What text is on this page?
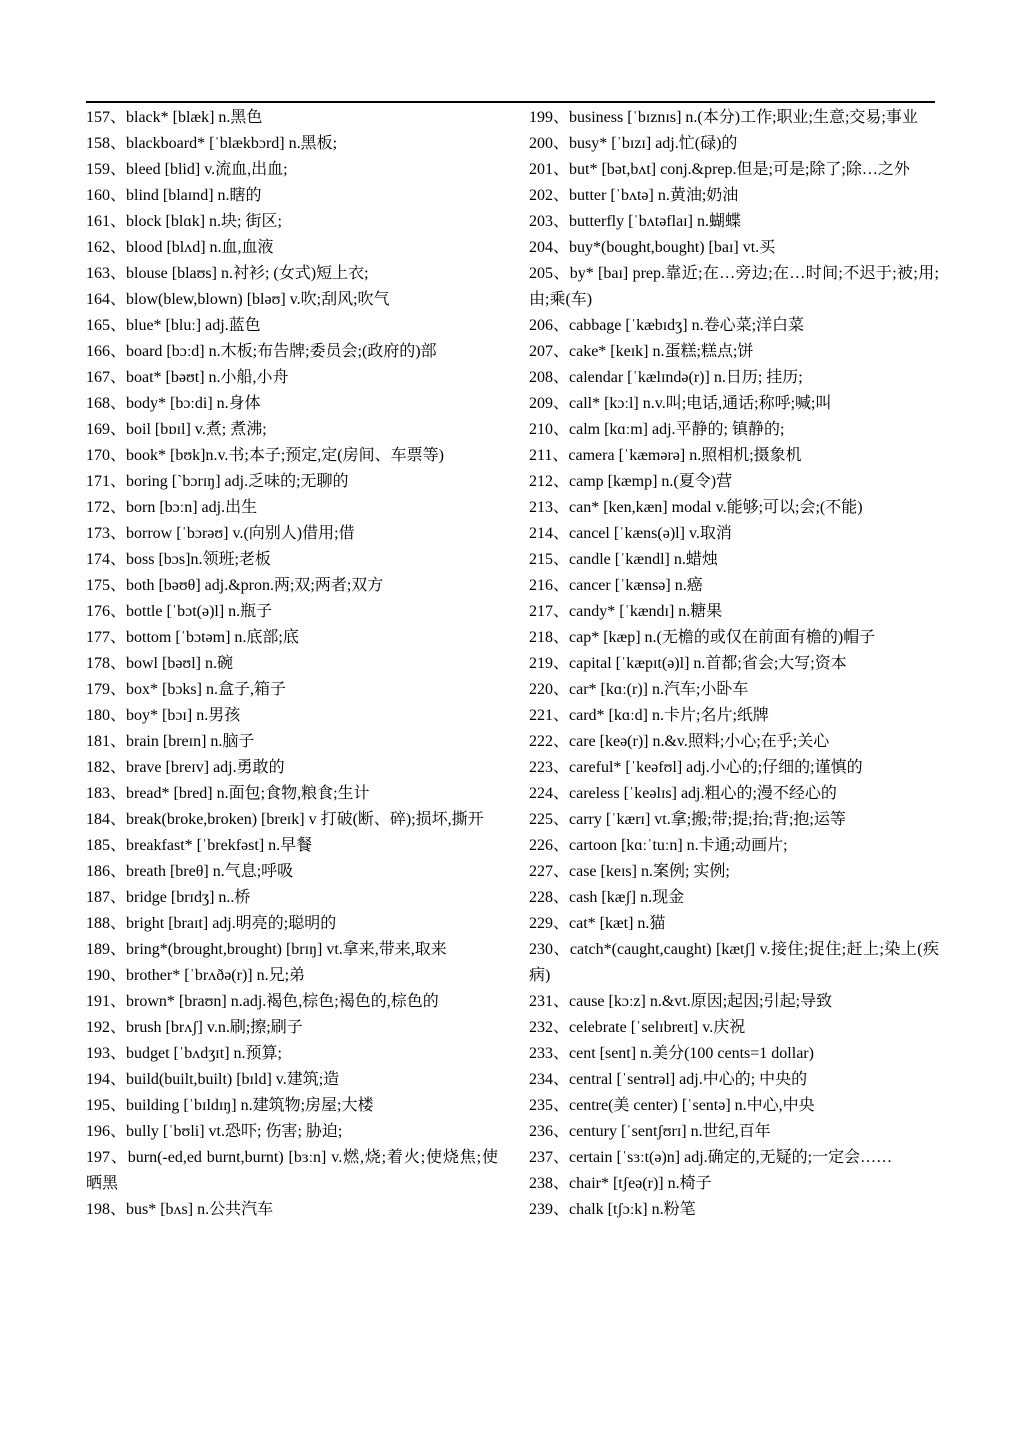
157、black* [blæk] n.黑色
158、blackboard* [ˈblækbɔrd] n.黑板;
159、bleed [blid] v.流血,出血;
160、blind [blaɪnd] n.瞎的
161、block [blɑk] n.块; 街区;
162、blood [blʌd] n.血,血液
163、blouse [blaʊs] n.衬衫; (女式)短上衣;
164、blow(blew,blown) [bləʊ] v.吹;刮风;吹气
165、blue* [bluː] adj.蓝色
166、board [bɔːd] n.木板;布告牌;委员会;(政府的)部
167、boat* [bəʊt] n.小船,小舟
168、body* [bɔːdi] n.身体
169、boil [bɒɪl] v.煮; 煮沸;
170、book* [bʊk]n.v.书;本子;预定,定(房间、车票等)
171、boring [ˋbɔrɪŋ] adj.乏味的;无聊的
172、born [bɔːn] adj.出生
173、borrow [ˈbɔrəʊ] v.(向别人)借用;借
174、boss [bɔs]n.领班;老板
175、both [bəʊθ] adj.&pron.两;双;两者;双方
176、bottle [ˈbɔt(ə)l] n.瓶子
177、bottom [ˈbɔtəm] n.底部;底
178、bowl [bəʊl] n.碗
179、box* [bɔks] n.盒子,箱子
180、boy* [bɔɪ] n.男孩
181、brain [breɪn] n.脑子
182、brave [breɪv] adj.勇敢的
183、bread* [bred] n.面包;食物,粮食;生计
184、break(broke,broken) [breɪk] v 打破(断、碎);损坏,撕开
185、breakfast* [ˈbrekfəst] n.早餐
186、breath [breθ] n.气息;呼吸
187、bridge [brɪdʒ] n..桥
188、bright [braɪt] adj.明亮的;聪明的
189、bring*(brought,brought) [brɪŋ] vt.拿来,带来,取来
190、brother* [ˈbrʌðə(r)] n.兄;弟
191、brown* [braʊn] n.adj.褐色,棕色;褐色的,棕色的
192、brush [brʌʃ] v.n.刷;擦;刷子
193、budget [ˈbʌdʒɪt] n.预算;
194、build(built,built) [bɪld] v.建筑;造
195、building [ˈbɪldɪŋ] n.建筑物;房屋;大楼
196、bully [ˈbʊli] vt.恐吓; 伤害; 胁迫;
197、burn(-ed,ed burnt,burnt) [bɜːn] v.燃,烧;着火;使烧焦;使晒黑
198、bus* [bʌs] n.公共汽车
199、business [ˈbɪznɪs] n.(本分)工作;职业;生意;交易;事业
200、busy* [ˈbɪzɪ] adj.忙(碌)的
201、but* [bət,bʌt] conj.&prep.但是;可是;除了;除…之外
202、butter [ˈbʌtə] n.黄油;奶油
203、butterfly [ˈbʌtəflaɪ] n.蝴蝶
204、buy*(bought,bought) [baɪ] vt.买
205、by* [baɪ] prep.靠近;在…旁边;在…时间;不迟于;被;用;由;乘(车)
206、cabbage [ˈkæbɪdʒ] n.卷心菜;洋白菜
207、cake* [keɪk] n.蛋糕;糕点;饼
208、calendar [ˈkælɪndə(r)] n.日历; 挂历;
209、call* [kɔːl] n.v.叫;电话,通话;称呼;喊;叫
210、calm [kɑːm] adj.平静的; 镇静的;
211、camera [ˈkæmərə] n.照相机;摄象机
212、camp [kæmp] n.(夏令)营
213、can* [ken,kæn] modal v.能够;可以;会;(不能)
214、cancel [ˈkæns(ə)l] v.取消
215、candle [ˈkændl] n.蜡烛
216、cancer [ˈkænsə] n.癌
217、candy* [ˈkændɪ] n.糖果
218、cap* [kæp] n.(无檐的或仅在前面有檐的)帽子
219、capital [ˈkæpɪt(ə)l] n.首都;省会;大写;资本
220、car* [kɑː(r)] n.汽车;小卧车
221、card* [kɑːd] n.卡片;名片;纸牌
222、care [keə(r)] n.&v.照料;小心;在乎;关心
223、careful* [ˈkeəfʊl] adj.小心的;仔细的;谨慎的
224、careless [ˈkeəlɪs] adj.粗心的;漫不经心的
225、carry [ˈkærɪ] vt.拿;搬;带;提;抬;背;抱;运等
226、cartoon [kɑːˈtuːn] n.卡通;动画片;
227、case [keɪs] n.案例; 实例;
228、cash [kæʃ] n.现金
229、cat* [kæt] n.猫
230、catch*(caught,caught) [kætʃ] v.接住;捉住;赶上;染上(疾病)
231、cause [kɔːz] n.&vt.原因;起因;引起;导致
232、celebrate [ˈselɪbreɪt] v.庆祝
233、cent [sent] n.美分(100 cents=1 dollar)
234、central [ˈsentrəl] adj.中心的; 中央的
235、centre(美 center) [ˈsentə] n.中心,中央
236、century [ˈsentʃʊrɪ] n.世纪,百年
237、certain [ˈsɜːt(ə)n] adj.确定的,无疑的;一定会……
238、chair* [tʃeə(r)] n.椅子
239、chalk [tʃɔːk] n.粉笔
